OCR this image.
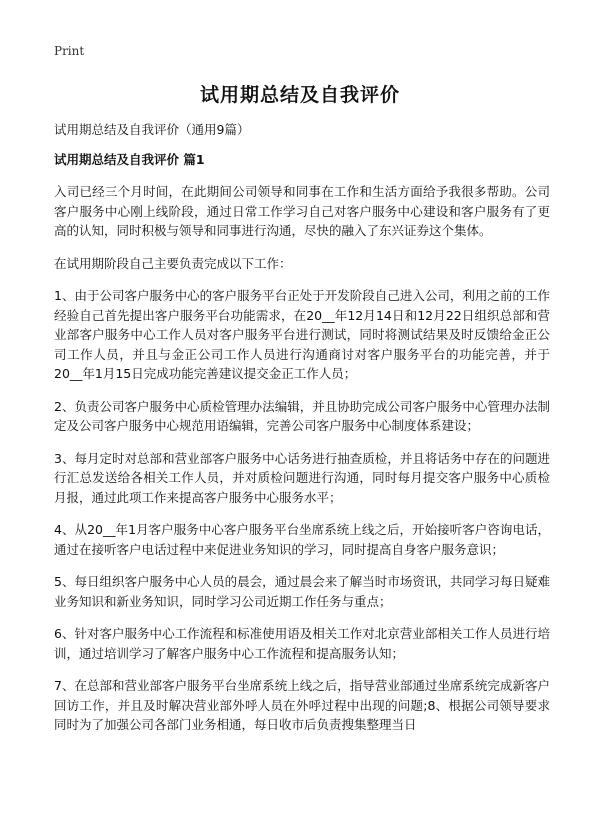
Print
试用期总结及自我评价
试用期总结及自我评价（通用9篇）
试用期总结及自我评价 篇1

入司已经三个月时间，在此期间公司领导和同事在工作和生活方面给予我很多帮助。公司客户服务中心刚上线阶段，通过日常工作学习自己对客户服务中心建设和客户服务有了更高的认知，同时积极与领导和同事进行沟通，尽快的融入了东兴证券这个集体。

在试用期阶段自己主要负责完成以下工作：

1、由于公司客户服务中心的客户服务平台正处于开发阶段自己进入公司，利用之前的工作经验自己首先提出客户服务平台功能需求，在20__年12月14日和12月22日组织总部和营业部客户服务中心工作人员对客户服务平台进行测试，同时将测试结果及时反馈给金正公司工作人员，并且与金正公司工作人员进行沟通商讨对客户服务平台的功能完善，并于20__年1月15日完成功能完善建议提交金正工作人员；

2、负责公司客户服务中心质检管理办法编辑，并且协助完成公司客户服务中心管理办法制定及公司客户服务中心规范用语编辑，完善公司客户服务中心制度体系建设；

3、每月定时对总部和营业部客户服务中心话务进行抽查质检，并且将话务中存在的问题进行汇总发送给各相关工作人员，并对质检问题进行沟通，同时每月提交客户服务中心质检月报，通过此项工作来提高客户服务中心服务水平；

4、从20__年1月客户服务中心客户服务平台坐席系统上线之后，开始接听客户咨询电话，通过在接听客户电话过程中来促进业务知识的学习，同时提高自身客户服务意识；

5、每日组织客户服务中心人员的晨会，通过晨会来了解当时市场资讯，共同学习每日疑难业务知识和新业务知识，同时学习公司近期工作任务与重点；

6、针对客户服务中心工作流程和标准使用语及相关工作对北京营业部相关工作人员进行培训，通过培训学习了解客户服务中心工作流程和提高服务认知；

7、在总部和营业部客户服务平台坐席系统上线之后，指导营业部通过坐席系统完成新客户回访工作，并且及时解决营业部外呼人员在外呼过程中出现的问题;8、根据公司领导要求同时为了加强公司各部门业务相通，每日收市后负责搜集整理当日
